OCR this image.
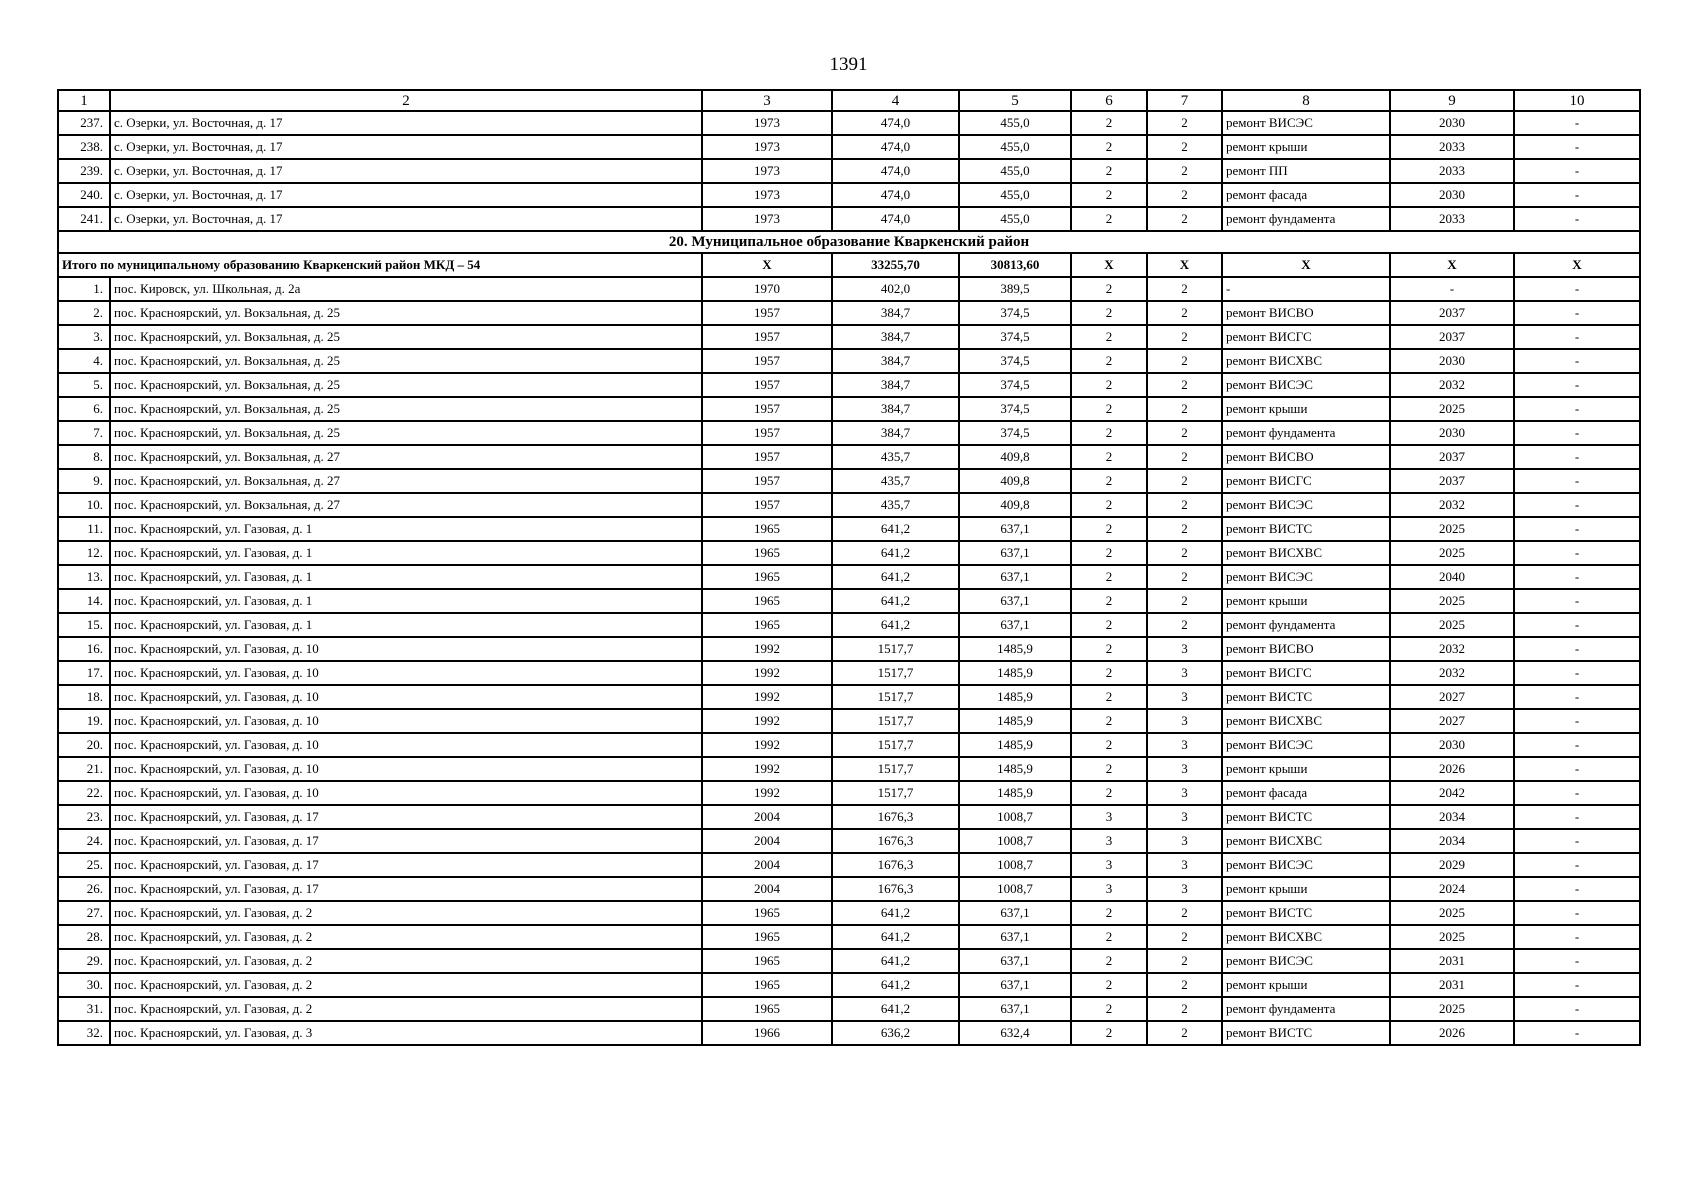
1391
1	2	3	4	5	6	7	8	9	10
237.	с. Озерки, ул. Восточная, д. 17	1973	474,0	455,0	2	2	ремонт ВИСЭС	2030	-
238.	с. Озерки, ул. Восточная, д. 17	1973	474,0	455,0	2	2	ремонт крыши	2033	-
239.	с. Озерки, ул. Восточная, д. 17	1973	474,0	455,0	2	2	ремонт ПП	2033	-
240.	с. Озерки, ул. Восточная, д. 17	1973	474,0	455,0	2	2	ремонт фасада	2030	-
241.	с. Озерки, ул. Восточная, д. 17	1973	474,0	455,0	2	2	ремонт фундамента	2033	-
20. Муниципальное образование Кваркенский район									
Итого по муниципальному образованию Кваркенский район МКД – 54		X	33255,70	30813,60	X	X	X	X	X
1.	пос. Кировск, ул. Школьная, д. 2а	1970	402,0	389,5	2	2	-	-	-
2.	пос. Красноярский, ул. Вокзальная, д. 25	1957	384,7	374,5	2	2	ремонт ВИСВО	2037	-
3.	пос. Красноярский, ул. Вокзальная, д. 25	1957	384,7	374,5	2	2	ремонт ВИСГС	2037	-
4.	пос. Красноярский, ул. Вокзальная, д. 25	1957	384,7	374,5	2	2	ремонт ВИСХВС	2030	-
5.	пос. Красноярский, ул. Вокзальная, д. 25	1957	384,7	374,5	2	2	ремонт ВИСЭС	2032	-
6.	пос. Красноярский, ул. Вокзальная, д. 25	1957	384,7	374,5	2	2	ремонт крыши	2025	-
7.	пос. Красноярский, ул. Вокзальная, д. 25	1957	384,7	374,5	2	2	ремонт фундамента	2030	-
8.	пос. Красноярский, ул. Вокзальная, д. 27	1957	435,7	409,8	2	2	ремонт ВИСВО	2037	-
9.	пос. Красноярский, ул. Вокзальная, д. 27	1957	435,7	409,8	2	2	ремонт ВИСГС	2037	-
10.	пос. Красноярский, ул. Вокзальная, д. 27	1957	435,7	409,8	2	2	ремонт ВИСЭС	2032	-
11.	пос. Красноярский, ул. Газовая, д. 1	1965	641,2	637,1	2	2	ремонт ВИСТС	2025	-
12.	пос. Красноярский, ул. Газовая, д. 1	1965	641,2	637,1	2	2	ремонт ВИСХВС	2025	-
13.	пос. Красноярский, ул. Газовая, д. 1	1965	641,2	637,1	2	2	ремонт ВИСЭС	2040	-
14.	пос. Красноярский, ул. Газовая, д. 1	1965	641,2	637,1	2	2	ремонт крыши	2025	-
15.	пос. Красноярский, ул. Газовая, д. 1	1965	641,2	637,1	2	2	ремонт фундамента	2025	-
16.	пос. Красноярский, ул. Газовая, д. 10	1992	1517,7	1485,9	2	3	ремонт ВИСВО	2032	-
17.	пос. Красноярский, ул. Газовая, д. 10	1992	1517,7	1485,9	2	3	ремонт ВИСГС	2032	-
18.	пос. Красноярский, ул. Газовая, д. 10	1992	1517,7	1485,9	2	3	ремонт ВИСТС	2027	-
19.	пос. Красноярский, ул. Газовая, д. 10	1992	1517,7	1485,9	2	3	ремонт ВИСХВС	2027	-
20.	пос. Красноярский, ул. Газовая, д. 10	1992	1517,7	1485,9	2	3	ремонт ВИСЭС	2030	-
21.	пос. Красноярский, ул. Газовая, д. 10	1992	1517,7	1485,9	2	3	ремонт крыши	2026	-
22.	пос. Красноярский, ул. Газовая, д. 10	1992	1517,7	1485,9	2	3	ремонт фасада	2042	-
23.	пос. Красноярский, ул. Газовая, д. 17	2004	1676,3	1008,7	3	3	ремонт ВИСТС	2034	-
24.	пос. Красноярский, ул. Газовая, д. 17	2004	1676,3	1008,7	3	3	ремонт ВИСХВС	2034	-
25.	пос. Красноярский, ул. Газовая, д. 17	2004	1676,3	1008,7	3	3	ремонт ВИСЭС	2029	-
26.	пос. Красноярский, ул. Газовая, д. 17	2004	1676,3	1008,7	3	3	ремонт крыши	2024	-
27.	пос. Красноярский, ул. Газовая, д. 2	1965	641,2	637,1	2	2	ремонт ВИСТС	2025	-
28.	пос. Красноярский, ул. Газовая, д. 2	1965	641,2	637,1	2	2	ремонт ВИСХВС	2025	-
29.	пос. Красноярский, ул. Газовая, д. 2	1965	641,2	637,1	2	2	ремонт ВИСЭС	2031	-
30.	пос. Красноярский, ул. Газовая, д. 2	1965	641,2	637,1	2	2	ремонт крыши	2031	-
31.	пос. Красноярский, ул. Газовая, д. 2	1965	641,2	637,1	2	2	ремонт фундамента	2025	-
32.	пос. Красноярский, ул. Газовая, д. 3	1966	636,2	632,4	2	2	ремонт ВИСТС	2026	-
